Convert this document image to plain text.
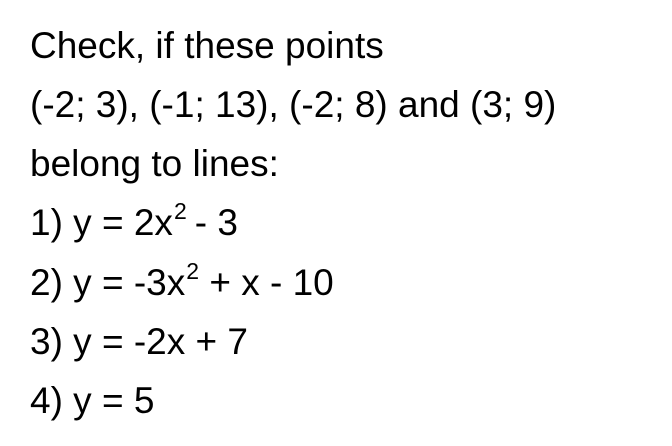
Check, if these points
(-2; 3), (-1; 13), (-2; 8) and (3; 9)
belong to lines:
1) $y = 2x^2 - 3$
2) $y = -3x^2 + x - 10$
3) y = -2x + 7
4) y = 5
